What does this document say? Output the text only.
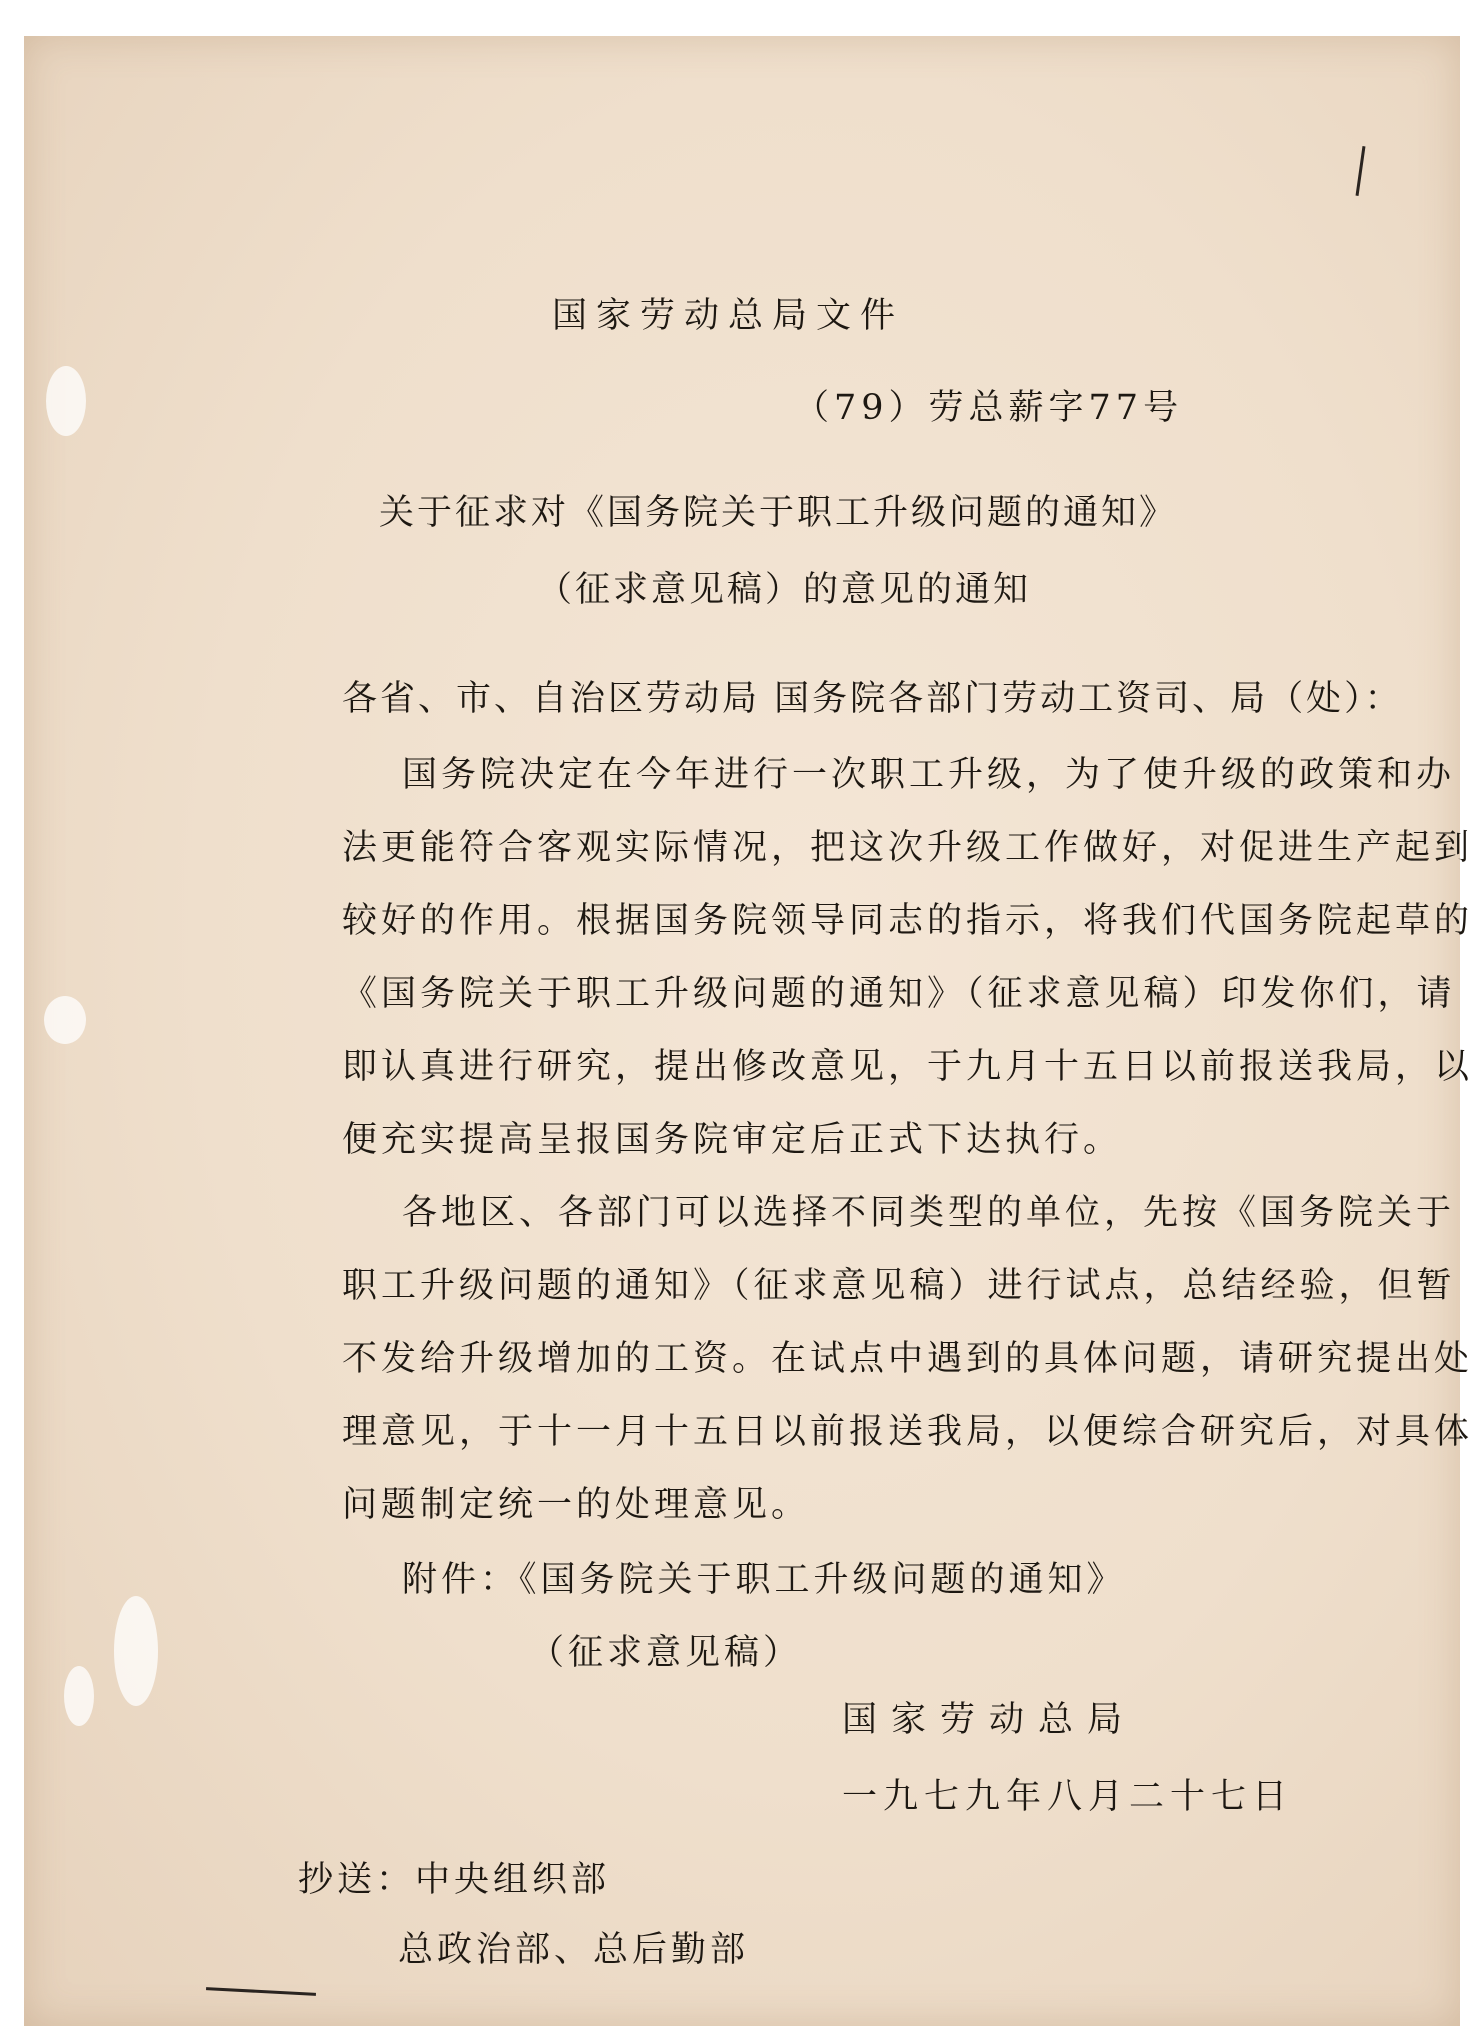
国家劳动总局文件
（79）劳总薪字77号
关于征求对《国务院关于职工升级问题的通知》
（征求意见稿）的意见的通知
各省、市、自治区劳动局 国务院各部门劳动工资司、局（处）：
国务院决定在今年进行一次职工升级，为了使升级的政策和办
法更能符合客观实际情况，把这次升级工作做好，对促进生产起到
较好的作用。根据国务院领导同志的指示，将我们代国务院起草的
《国务院关于职工升级问题的通知》（征求意见稿）印发你们，请
即认真进行研究，提出修改意见，于九月十五日以前报送我局，以
便充实提高呈报国务院审定后正式下达执行。
各地区、各部门可以选择不同类型的单位，先按《国务院关于
职工升级问题的通知》（征求意见稿）进行试点，总结经验，但暂
不发给升级增加的工资。在试点中遇到的具体问题，请研究提出处
理意见，于十一月十五日以前报送我局，以便综合研究后，对具体
问题制定统一的处理意见。
附件：《国务院关于职工升级问题的通知》
（征求意见稿）
国家劳动总局
一九七九年八月二十七日
抄送：中央组织部
总政治部、总后勤部
